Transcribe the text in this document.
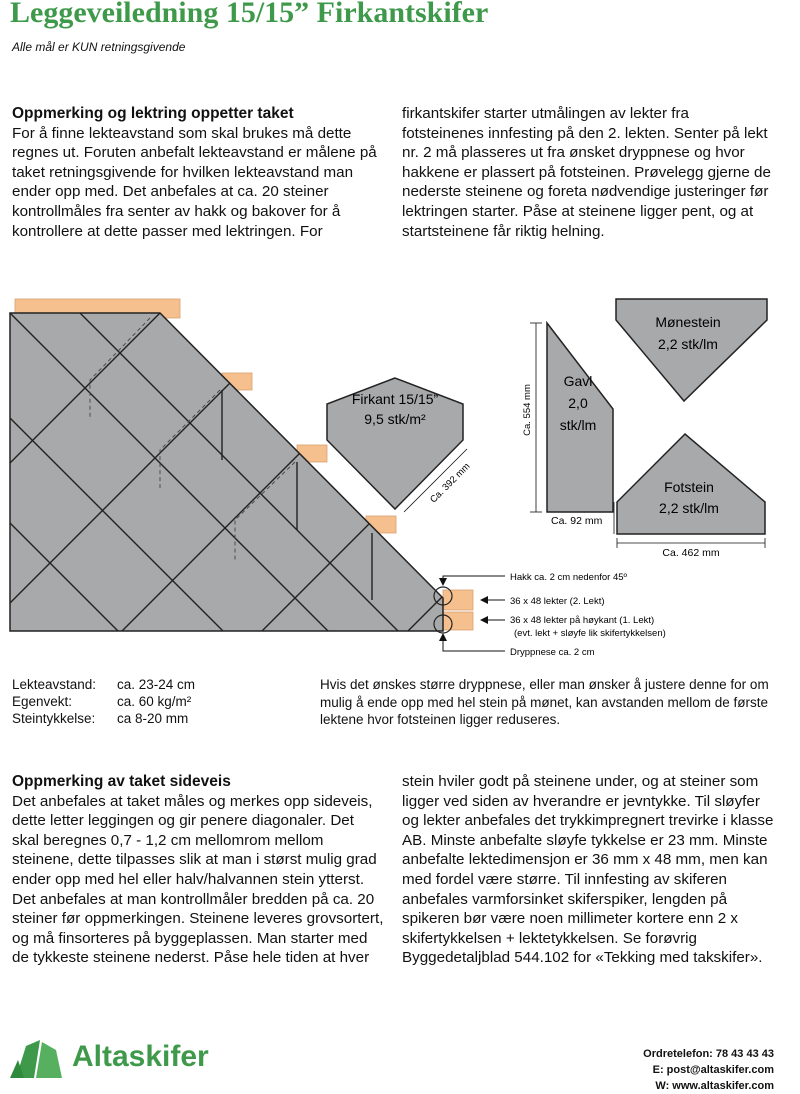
Leggeveiledning 15/15” Firkantskifer
Alle mål er KUN retningsgivende
Oppmerking og lektring oppetter taket

For å finne lekteavstand som skal brukes må dette regnes ut. Foruten anbefalt lekteavstand er målene på taket retningsgivende for hvilken lekteavstand man ender opp med. Det anbefales at ca. 20 steiner kontrollmåles fra senter av hakk og bakover for å kontrollere at dette passer med lektringen. For

firkantskifer starter utmålingen av lekter fra fotsteinenes innfesting på den 2. lekten. Senter på lekt nr. 2 må plasseres ut fra ønsket dryppnese og hvor hakkene er plassert på fotsteinen. Prøvelegg gjerne de nederste steinene og foreta nødvendige justeringer før lektringen starter. Påse at steinene ligger pent, og at startsteinene får riktig helning.

Hakk ca. 2 cm nedenfor 45º
36 x 48 lekter (2. Lekt)
36 x 48 lekter på høykant (1. Lekt)
(evt. lekt + sløyfe lik skifertykkelsen)
Dryppnese ca. 2 cm
Firkant 15/15”
9,5 stk/m²
Ca. 392 mm
Gavl
2,0
stk/lm
Ca. 554 mm
Mønestein
2,2 stk/lm
Fotstein
2,2 stk/lm
Ca. 92 mm
Ca. 462 mm
Lekteavstand:	ca. 23-24 cm
Egenvekt:	ca. 60 kg/m²
Steintykkelse:	ca 8-20 mm
Hvis det ønskes større dryppnese, eller man ønsker å justere denne for om mulig å ende opp med hel stein på mønet, kan avstanden mellom de første lektene hvor fotsteinen ligger reduseres.
Oppmerking av taket sideveis

Det anbefales at taket måles og merkes opp sideveis, dette letter leggingen og gir penere diagonaler. Det skal beregnes 0,7 - 1,2 cm mellomrom mellom steinene, dette tilpasses slik at man i størst mulig grad ender opp med hel eller halv/halvannen stein ytterst. Det anbefales at man kontrollmåler bredden på ca. 20 steiner før oppmerkingen. Steinene leveres grovsortert, og må finsorteres på byggeplassen. Man starter med de tykkeste steinene nederst. Påse hele tiden at hver

stein hviler godt på steinene under, og at steiner som ligger ved siden av hverandre er jevntykke. Til sløyfer og lekter anbefales det trykkimpregnert trevirke i klasse AB. Minste anbefalte sløyfe tykkelse er 23 mm. Minste anbefalte lektedimensjon er 36 mm x 48 mm, men kan med fordel være større. Til innfesting av skiferen anbefales varmforsinket skiferspiker, lengden på spikeren bør være noen millimeter kortere enn 2 x skifertykkelsen + lektetykkelsen. Se forøvrig Byggedetaljblad 544.102 for «Tekking med takskifer».

Altaskifer	Ordretelefon: 78 43 43 43
E: post@altaskifer.com
W: www.altaskifer.com
